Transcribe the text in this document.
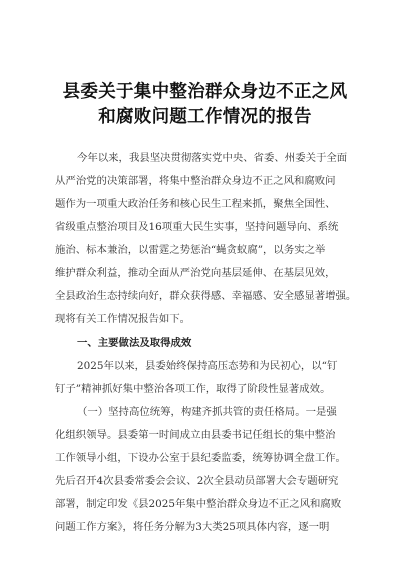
县委关于集中整治群众身边不正之风
和腐败问题工作情况的报告
今年以来，我县坚决贯彻落实党中央、省委、州委关于全面
从严治党的决策部署，将集中整治群众身边不正之风和腐败问
题作为一项重大政治任务和核心民生工程来抓，聚焦全国性、
省级重点整治项目及16项重大民生实事，坚持问题导向、系统
施治、标本兼治，以雷霆之势惩治“蝇贪蚁腐”，以务实之举
维护群众利益，推动全面从严治党向基层延伸、在基层见效，
全县政治生态持续向好，群众获得感、幸福感、安全感显著增强。
现将有关工作情况报告如下。
一、主要做法及取得成效
2025年以来，县委始终保持高压态势和为民初心，以“钉
钉子”精神抓好集中整治各项工作，取得了阶段性显著成效。
（一）坚持高位统筹，构建齐抓共管的责任格局。一是强
化组织领导。县委第一时间成立由县委书记任组长的集中整治
工作领导小组，下设办公室于县纪委监委，统筹协调全盘工作。
先后召开4次县委常委会会议、2次全县动员部署大会专题研究
部署，制定印发《县2025年集中整治群众身边不正之风和腐败
问题工作方案》，将任务分解为3大类25项具体内容，逐一明
